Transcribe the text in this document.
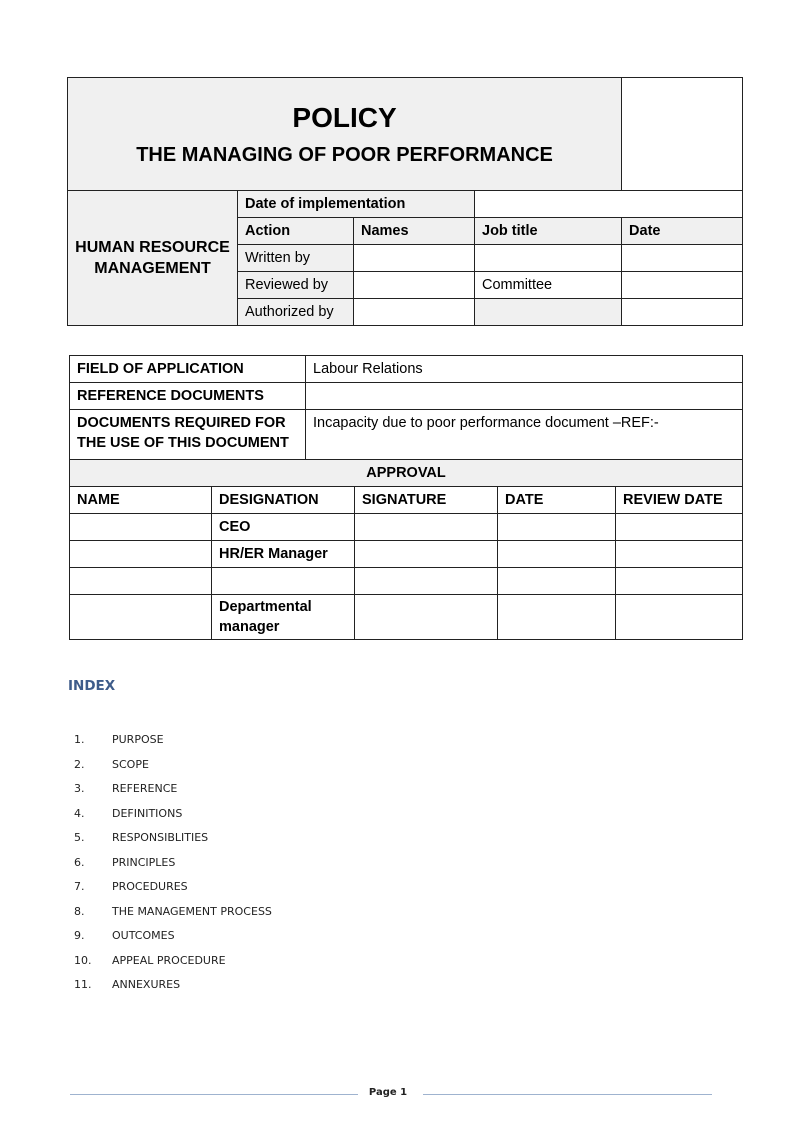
POLICY
THE MANAGING OF POOR PERFORMANCE				

HUMAN RESOURCE MANAGEMENT	Date of implementation			
	Action	Names	Job title	Date
	Written by			
	Reviewed by		Committee	
	Authorized by			
FIELD OF APPLICATION		Labour Relations			
REFERENCE DOCUMENTS					
DOCUMENTS REQUIRED FOR THE USE OF THIS DOCUMENT		Incapacity due to poor performance document –REF:-			
APPROVAL					
NAME	DESIGNATION		SIGNATURE	DATE	REVIEW DATE
	CEO				
	HR/ER Manager				

	Departmental manager				
INDEX
1.	PURPOSE
2.	SCOPE
3.	REFERENCE
4.	DEFINITIONS
5.	RESPONSIBLITIES
6.	PRINCIPLES
7.	PROCEDURES
8.	THE MANAGEMENT PROCESS
9.	OUTCOMES
10.	APPEAL PROCEDURE
11.	ANNEXURES
Page 1
